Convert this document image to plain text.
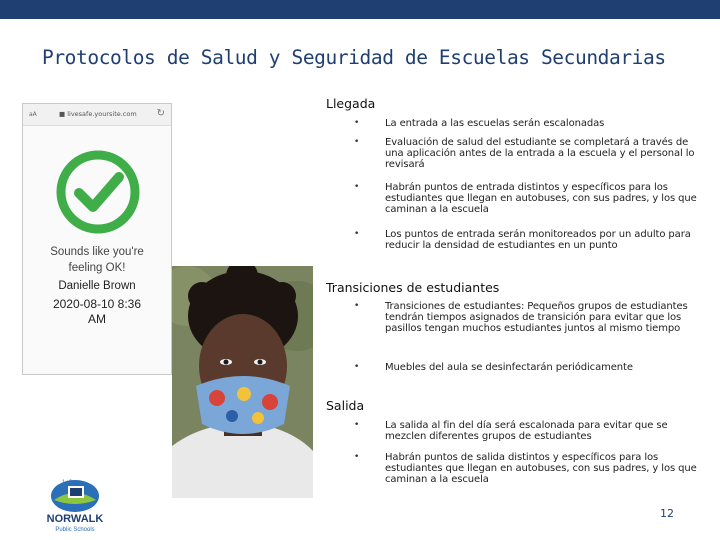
Protocolos de Salud y Seguridad de Escuelas Secundarias
aA	■ livesafe.yoursite.com ↻
Sounds like you're
feeling OK!
Danielle Brown
2020-08-10 8:36
AM
Llegada
•	La entrada a las escuelas serán escalonadas
•	Evaluación de salud del estudiante se completará a través de una aplicación antes de la entrada a la escuela y el personal lo revisará
•	Habrán puntos de entrada distintos y específicos para los estudiantes que llegan en autobuses, con sus padres, y los que caminan a la escuela
•	Los puntos de entrada serán monitoreados por un adulto para reducir la densidad de estudiantes en un punto
Transiciones de estudiantes
•	Transiciones de estudiantes: Pequeños grupos de estudiantes tendrán tiempos asignados de transición para evitar que los pasillos tengan muchos estudiantes juntos al mismo tiempo
•	Muebles del aula se desinfectarán periódicamente
Salida
•	La salida al fin del día será escalonada para evitar que se mezclen diferentes grupos de estudiantes
•	Habrán puntos de salida distintos y específicos para los estudiantes que llegan en autobuses, con sus padres, y los que caminan a la escuela
1+2
NORWALK
Public Schools
12
